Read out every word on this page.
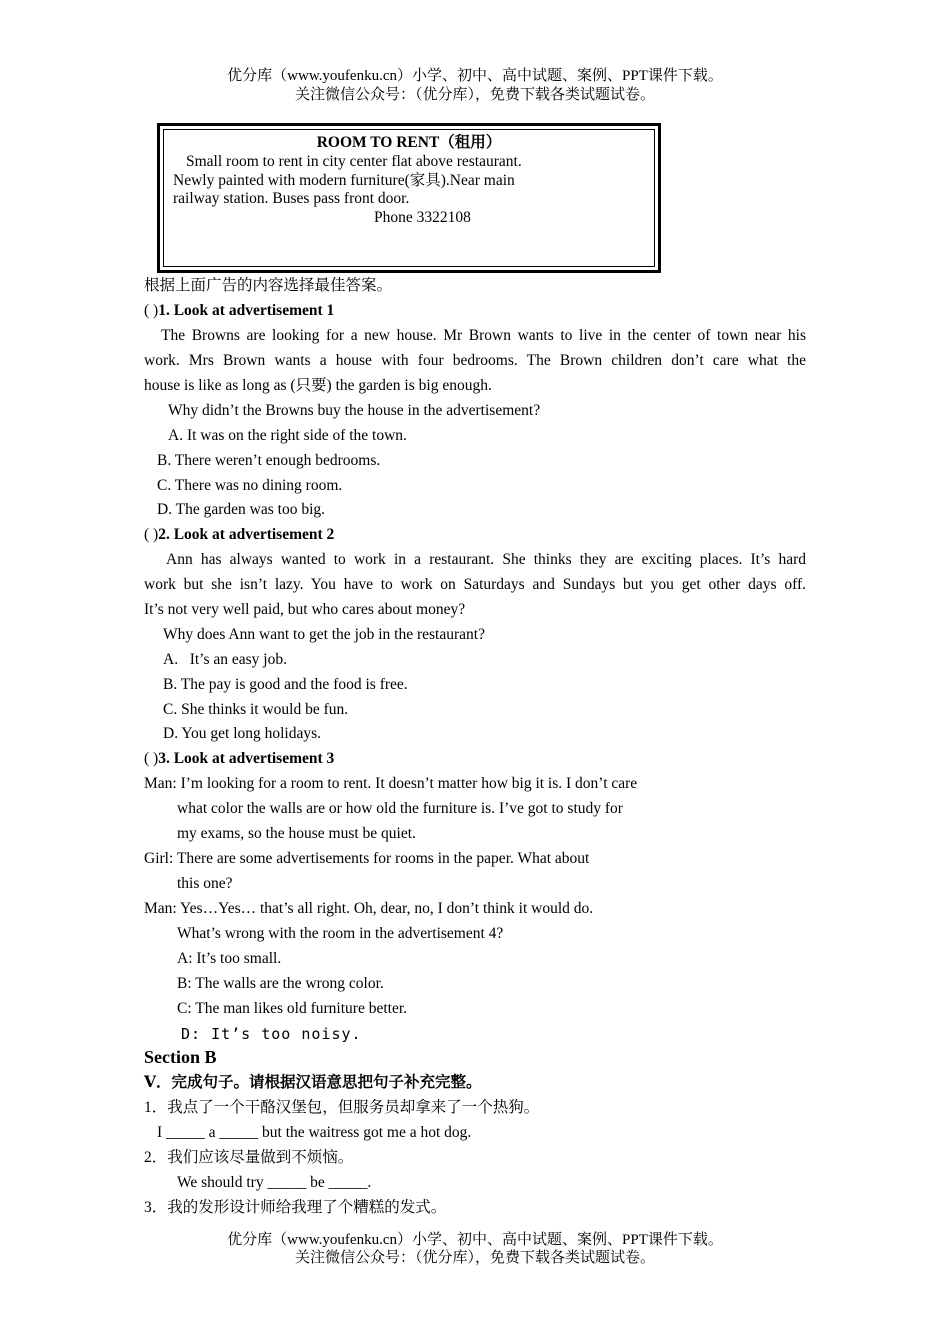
优分库（www.youfenku.cn）小学、初中、高中试题、案例、PPT课件下载。
关注微信公众号：（优分库），免费下载各类试题试卷。
ROOM TO RENT（租用）
Small room to rent in city center flat above restaurant.
Newly painted with modern furniture(家具).Near main
railway station. Buses pass front door.
Phone 3322108
根据上面广告的内容选择最佳答案。
( )1. Look at advertisement 1
The Browns are looking for a new house. Mr Brown wants to live in the center of town near his
work. Mrs Brown wants a house with four bedrooms. The Brown children don’t care what the
house is like as long as (只要) the garden is big enough.
Why didn’t the Browns buy the house in the advertisement?
A. It was on the right side of the town.
B. There weren’t enough bedrooms.
C. There was no dining room.
D. The garden was too big.
( )2. Look at advertisement 2
Ann has always wanted to work in a restaurant. She thinks they are exciting places. It’s hard
work but she isn’t lazy. You have to work on Saturdays and Sundays but you get other days off.
It’s not very well paid, but who cares about money?
Why does Ann want to get the job in the restaurant?
A.   It’s an easy job.
B. The pay is good and the food is free.
C. She thinks it would be fun.
D. You get long holidays.
( )3. Look at advertisement 3
Man: I’m looking for a room to rent. It doesn’t matter how big it is. I don’t care
what color the walls are or how old the furniture is. I’ve got to study for
my exams, so the house must be quiet.
Girl: There are some advertisements for rooms in the paper. What about
this one?
Man: Yes…Yes… that’s all right. Oh, dear, no, I don’t think it would do.
What’s wrong with the room in the advertisement 4?
A: It’s too small.
B: The walls are the wrong color.
C: The man likes old furniture better.
D: It’s too noisy.
Section B
Ⅴ．完成句子。请根据汉语意思把句子补充完整。
1．我点了一个干酪汉堡包，但服务员却拿来了一个热狗。
I _____ a _____ but the waitress got me a hot dog.
2．我们应该尽量做到不烦恼。
We should try _____ be _____.
3．我的发形设计师给我理了个糟糕的发式。
优分库（www.youfenku.cn）小学、初中、高中试题、案例、PPT课件下载。
关注微信公众号：（优分库），免费下载各类试题试卷。
